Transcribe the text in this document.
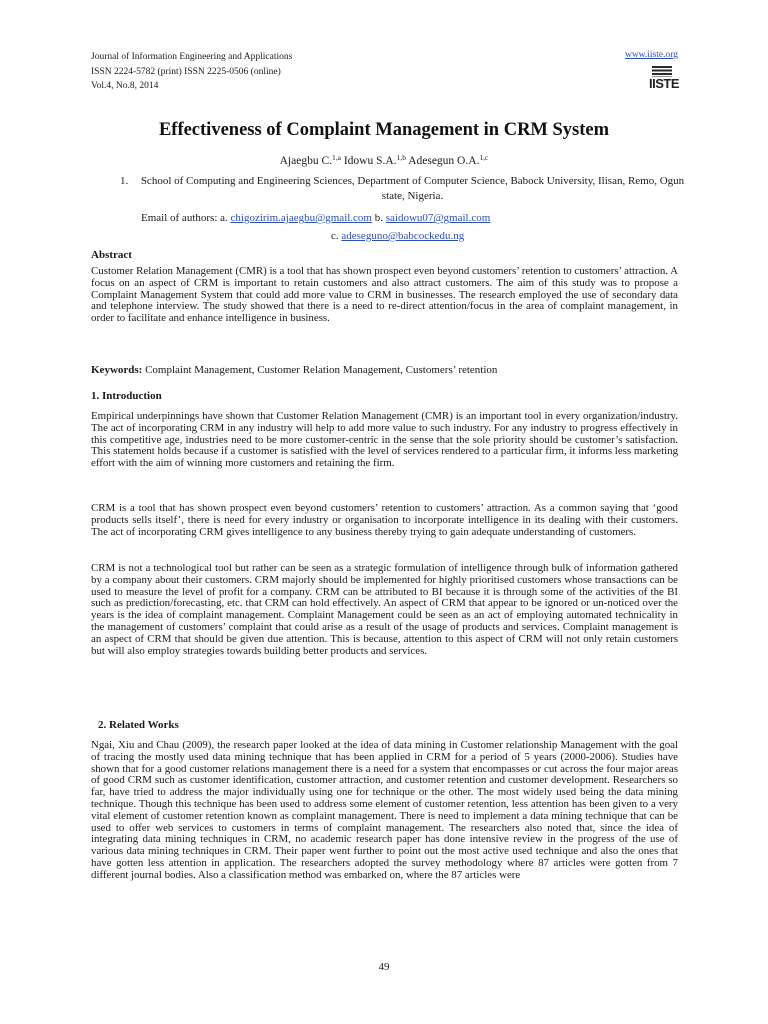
Journal of Information Engineering and Applications
ISSN 2224-5782 (print) ISSN 2225-0506 (online)
Vol.4, No.8, 2014
www.iiste.org
IISTE
Effectiveness of Complaint Management in CRM System
Ajaegbu C.$^{1,a}$ Idowu S.A.$^{1,b}$ Adesegun O.A.$^{1,c}$
1. School of Computing and Engineering Sciences, Department of Computer Science, Babock University, Ilisan, Remo, Ogun state, Nigeria.
Email of authors: a. chigozirim.ajaegbu@gmail.com b. saidowu07@gmail.com
c. adeseguno@babcockedu.ng
Abstract
Customer Relation Management (CMR) is a tool that has shown prospect even beyond customers’ retention to customers’ attraction. A focus on an aspect of CRM is important to retain customers and also attract customers. The aim of this study was to propose a Complaint Management System that could add more value to CRM in businesses. The research employed the use of secondary data and telephone interview. The study showed that there is a need to re-direct attention/focus in the area of complaint management, in order to facilitate and enhance intelligence in business.
Keywords: Complaint Management, Customer Relation Management, Customers’ retention
1. Introduction
Empirical underpinnings have shown that Customer Relation Management (CMR) is an important tool in every organization/industry. The act of incorporating CRM in any industry will help to add more value to such industry. For any industry to progress effectively in this competitive age, industries need to be more customer-centric in the sense that the sole priority should be customer’s satisfaction. This statement holds because if a customer is satisfied with the level of services rendered to a particular firm, it informs less marketing effort with the aim of winning more customers and retaining the firm.
CRM is a tool that has shown prospect even beyond customers’ retention to customers’ attraction. As a common saying that ‘good products sells itself’, there is need for every industry or organisation to incorporate intelligence in its dealing with their customers. The act of incorporating CRM gives intelligence to any business thereby trying to gain adequate understanding of customers.
CRM is not a technological tool but rather can be seen as a strategic formulation of intelligence through bulk of information gathered by a company about their customers. CRM majorly should be implemented for highly prioritised customers whose transactions can be used to measure the level of profit for a company. CRM can be attributed to BI because it is through some of the activities of the BI such as prediction/forecasting, etc. that CRM can hold effectively. An aspect of CRM that appear to be ignored or un-noticed over the years is the idea of complaint management. Complaint Management could be seen as an act of employing automated technicality in the management of customers’ complaint that could arise as a result of the usage of products and services. Complaint management is an aspect of CRM that should be given due attention. This is because, attention to this aspect of CRM will not only retain customers but will also employ strategies towards building better products and services.
2. Related Works
Ngai, Xiu and Chau (2009), the research paper looked at the idea of data mining in Customer relationship Management with the goal of tracing the mostly used data mining technique that has been applied in CRM for a period of 5 years (2000-2006). Studies have shown that for a good customer relations management there is a need for a system that encompasses or cut across the four major areas of good CRM such as customer identification, customer attraction, and customer retention and customer development. Researchers so far, have tried to address the major individually using one for technique or the other. The most widely used being the data mining technique. Though this technique has been used to address some element of customer retention, less attention has been given to a very vital element of customer retention known as complaint management. There is need to implement a data mining technique that can be used to offer web services to customers in terms of complaint management. The researchers also noted that, since the idea of integrating data mining techniques in CRM, no academic research paper has done intensive review in the progress of the use of various data mining techniques in CRM. Their paper went further to point out the most active used technique and also the ones that have gotten less attention in application. The researchers adopted the survey methodology where 87 articles were gotten from 7 different journal bodies. Also a classification method was embarked on, where the 87 articles were
49
